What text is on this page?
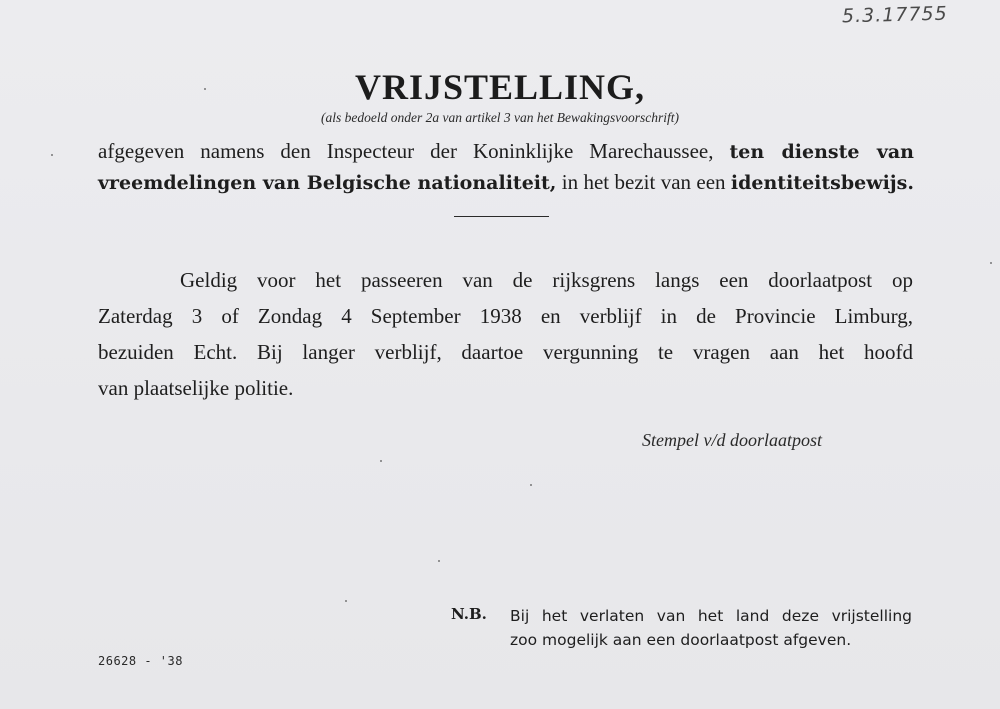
5.3.17755
VRIJSTELLING,
(als bedoeld onder 2a van artikel 3 van het Bewakingsvoorschrift)
afgegeven namens den Inspecteur der Koninklijke Marechaussee, ten dienste van
vreemdelingen van Belgische nationaliteit, in het bezit van een identiteitsbewijs.
Geldig voor het passeeren van de rijksgrens langs een doorlaatpost op
Zaterdag 3 of Zondag 4 September 1938 en verblijf in de Provincie Limburg,
bezuiden Echt. Bij langer verblijf, daartoe vergunning te vragen aan het hoofd
van plaatselijke politie.
Stempel v/d doorlaatpost
N.B. Bij het verlaten van het land deze vrijstelling
zoo mogelijk aan een doorlaatpost afgeven.
26628 - '38
